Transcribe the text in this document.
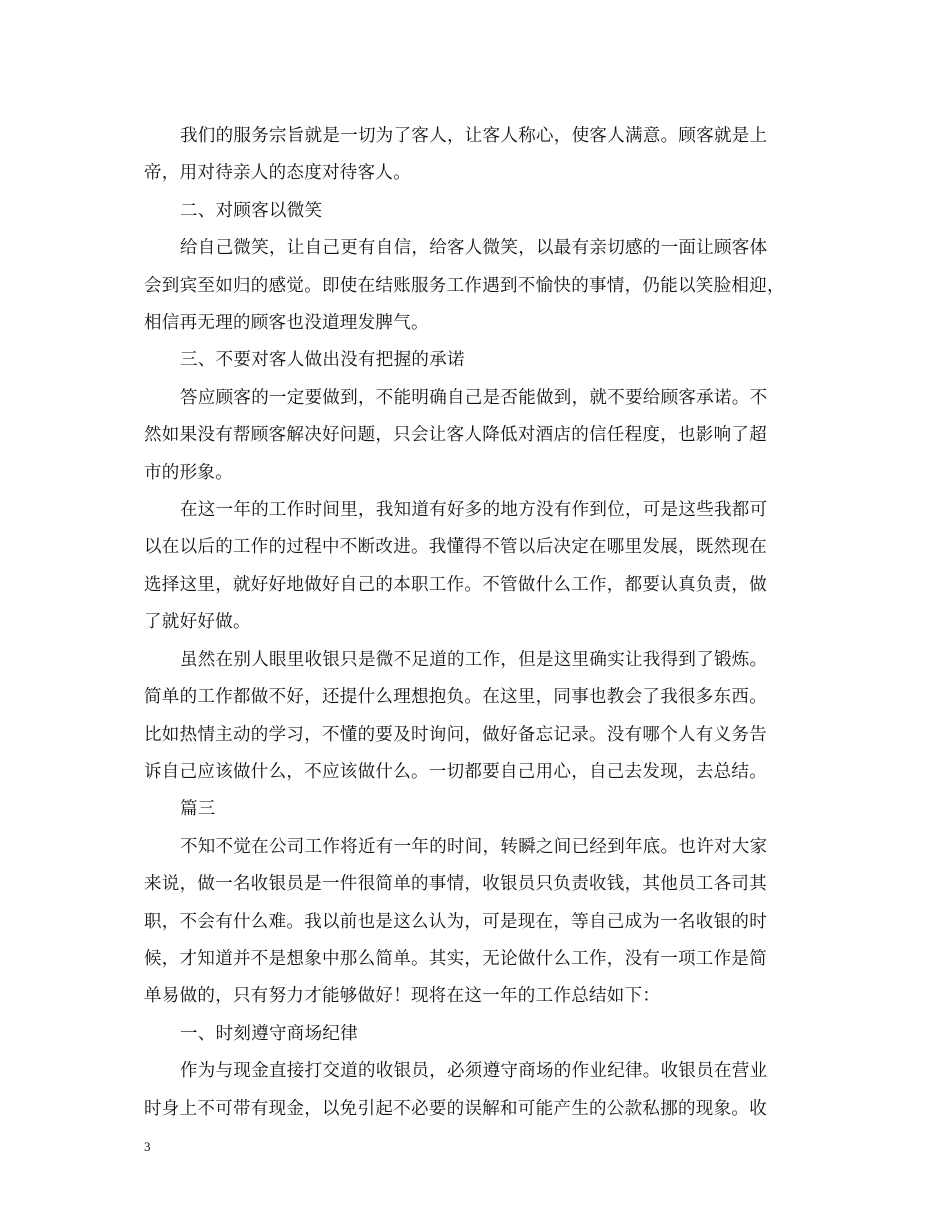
我们的服务宗旨就是一切为了客人，让客人称心，使客人满意。顾客就是上
帝，用对待亲人的态度对待客人。

二、对顾客以微笑

给自己微笑，让自己更有自信，给客人微笑，以最有亲切感的一面让顾客体
会到宾至如归的感觉。即使在结账服务工作遇到不愉快的事情，仍能以笑脸相迎，
相信再无理的顾客也没道理发脾气。

三、不要对客人做出没有把握的承诺

答应顾客的一定要做到，不能明确自己是否能做到，就不要给顾客承诺。不
然如果没有帮顾客解决好问题，只会让客人降低对酒店的信任程度，也影响了超
市的形象。

在这一年的工作时间里，我知道有好多的地方没有作到位，可是这些我都可
以在以后的工作的过程中不断改进。我懂得不管以后决定在哪里发展，既然现在
选择这里，就好好地做好自己的本职工作。不管做什么工作，都要认真负责，做
了就好好做。

虽然在别人眼里收银只是微不足道的工作，但是这里确实让我得到了锻炼。
简单的工作都做不好，还提什么理想抱负。在这里，同事也教会了我很多东西。
比如热情主动的学习，不懂的要及时询问，做好备忘记录。没有哪个人有义务告
诉自己应该做什么，不应该做什么。一切都要自己用心，自己去发现，去总结。

篇三

不知不觉在公司工作将近有一年的时间，转瞬之间已经到年底。也许对大家
来说，做一名收银员是一件很简单的事情，收银员只负责收钱，其他员工各司其
职，不会有什么难。我以前也是这么认为，可是现在，等自己成为一名收银的时
候，才知道并不是想象中那么简单。其实，无论做什么工作，没有一项工作是简
单易做的，只有努力才能够做好！现将在这一年的工作总结如下：

一、时刻遵守商场纪律

作为与现金直接打交道的收银员，必须遵守商场的作业纪律。收银员在营业
时身上不可带有现金，以免引起不必要的误解和可能产生的公款私挪的现象。收

3
